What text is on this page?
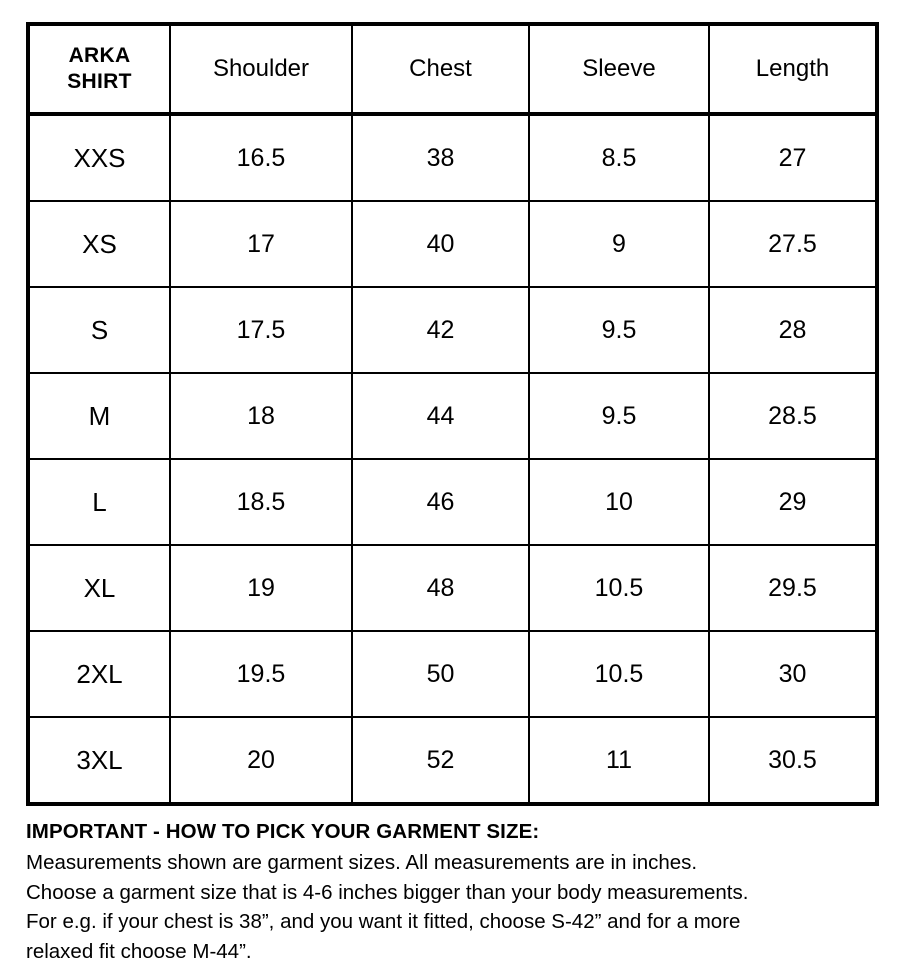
ARKA
SHIRT	Shoulder	Chest	Sleeve	Length
XXS	16.5	38	8.5	27
XS	17	40	9	27.5
S	17.5	42	9.5	28
M	18	44	9.5	28.5
L	18.5	46	10	29
XL	19	48	10.5	29.5
2XL	19.5	50	10.5	30
3XL	20	52	11	30.5
IMPORTANT - HOW TO PICK YOUR GARMENT SIZE:
Measurements shown are garment sizes. All measurements are in inches.
Choose a garment size that is 4-6 inches bigger than your body measurements.
For e.g. if your chest is 38”, and you want it fitted, choose S-42” and for a more
relaxed fit choose M-44”.
